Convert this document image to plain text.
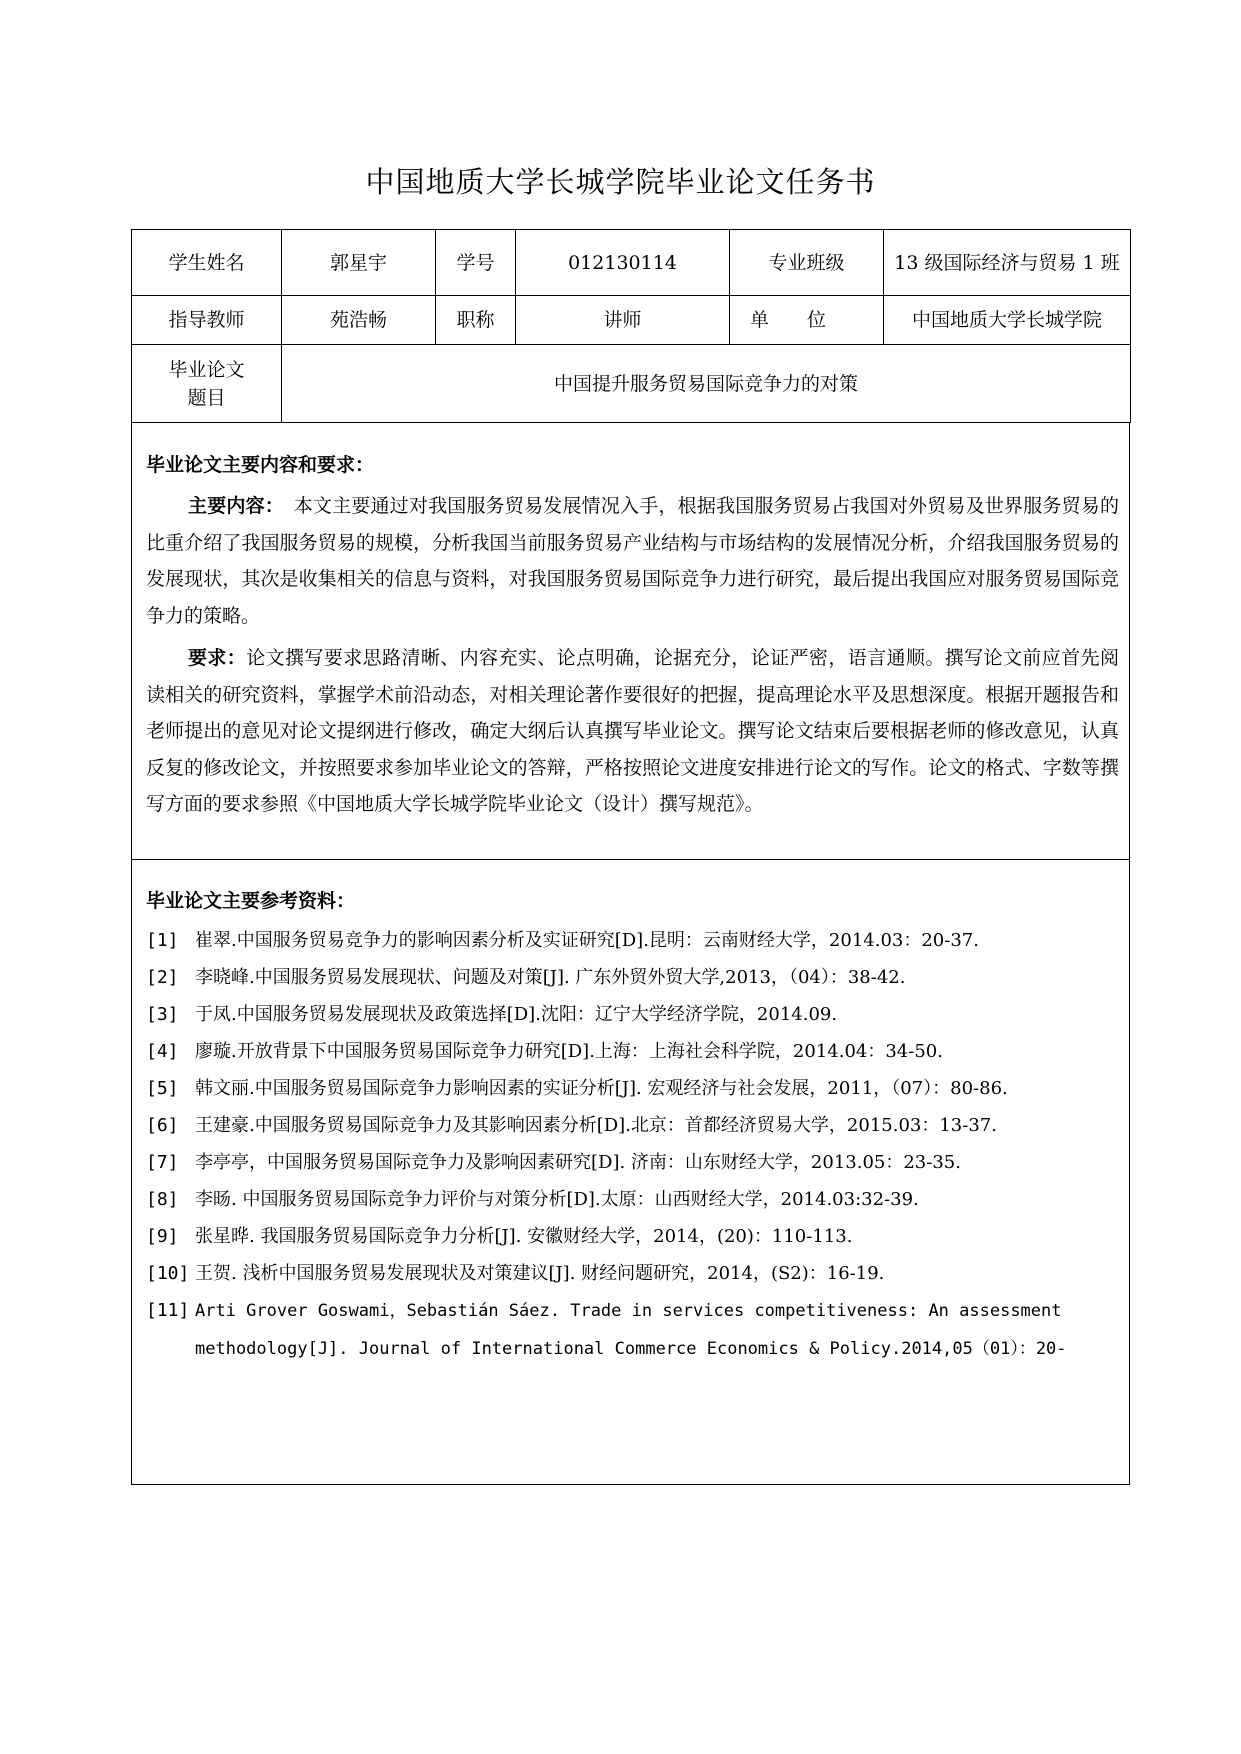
中国地质大学长城学院毕业论文任务书
学生姓名	郭星宇	学号	012130114	专业班级	13 级国际经济与贸易 1 班
指导教师	苑浩畅	职称	讲师	单　　位	中国地质大学长城学院
毕业论文题目	中国提升服务贸易国际竞争力的对策				
毕业论文主要内容和要求：
主要内容：　本文主要通过对我国服务贸易发展情况入手，根据我国服务贸易占我国对外贸易及世界服务贸易的比重介绍了我国服务贸易的规模，分析我国当前服务贸易产业结构与市场结构的发展情况分析，介绍我国服务贸易的发展现状，其次是收集相关的信息与资料，对我国服务贸易国际竞争力进行研究，最后提出我国应对服务贸易国际竞争力的策略。
要求：论文撰写要求思路清晰、内容充实、论点明确，论据充分，论证严密，语言通顺。撰写论文前应首先阅读相关的研究资料，掌握学术前沿动态，对相关理论著作要很好的把握，提高理论水平及思想深度。根据开题报告和老师提出的意见对论文提纲进行修改，确定大纲后认真撰写毕业论文。撰写论文结束后要根据老师的修改意见，认真反复的修改论文，并按照要求参加毕业论文的答辩，严格按照论文进度安排进行论文的写作。论文的格式、字数等撰写方面的要求参照《中国地质大学长城学院毕业论文（设计）撰写规范》。
毕业论文主要参考资料：
[1] 崔翠.中国服务贸易竞争力的影响因素分析及实证研究[D].昆明：云南财经大学，2014.03：20-37.
[2] 李晓峰.中国服务贸易发展现状、问题及对策[J]. 广东外贸外贸大学,2013，（04）：38-42.
[3] 于凤.中国服务贸易发展现状及政策选择[D].沈阳：辽宁大学经济学院，2014.09.
[4] 廖璇.开放背景下中国服务贸易国际竞争力研究[D].上海：上海社会科学院，2014.04：34-50.
[5] 韩文丽.中国服务贸易国际竞争力影响因素的实证分析[J]. 宏观经济与社会发展，2011，（07）：80-86.
[6] 王建豪.中国服务贸易国际竞争力及其影响因素分析[D].北京：首都经济贸易大学，2015.03：13-37.
[7] 李亭亭，中国服务贸易国际竞争力及影响因素研究[D]. 济南：山东财经大学，2013.05：23-35.
[8] 李旸. 中国服务贸易国际竞争力评价与对策分析[D].太原：山西财经大学，2014.03:32-39.
[9] 张星晔. 我国服务贸易国际竞争力分析[J]. 安徽财经大学，2014，(20)：110-113.
[10] 王贺. 浅析中国服务贸易发展现状及对策建议[J]. 财经问题研究，2014，(S2)：16-19.
[11] Arti Grover Goswami，Sebastián Sáez. Trade in services competitiveness: An assessment methodology[J]. Journal of International Commerce Economics & Policy.2014,05（01）：20-
